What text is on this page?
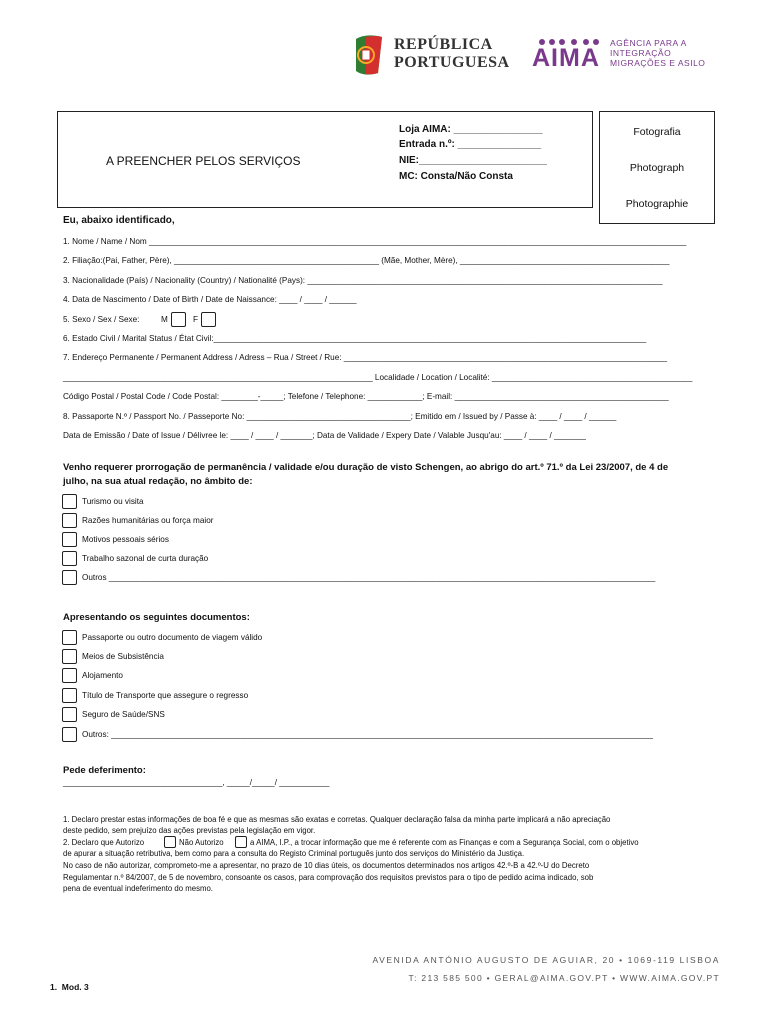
REPÚBLICA
PORTUGUESA AIMA
AGÊNCIA PARA A
INTEGRAÇÃO
MIGRAÇÕES E ASILO
A PREENCHER PELOS SERVIÇOS
Loja AIMA: ________________
Entrada n.º: _______________
NIE:_______________________
MC: Consta/Não Consta
Fotografia
Photograph
Photographie
Eu, abaixo identificado,
1. Nome / Name / Nom ______________________________________________________________________________________________________________________
2. Filiação:(Pai, Father, Père), _____________________________________________ (Mãe, Mother, Mère), ______________________________________________
3. Nacionalidade (País) / Nacionality (Country) / Nationalité (Pays): ______________________________________________________________________________
4. Data de Nascimento / Date of Birth / Date de Naissance: ____ / ____ / ______
5. Sexo / Sex / Sexe:	M	F
6. Estado Civil / Marital Status / État Civil:_______________________________________________________________________________________________
7. Endereço Permanente / Permanent Address / Adress – Rua / Street / Rue: _______________________________________________________________________
____________________________________________________________________ Localidade / Location / Localité: ____________________________________________
Código Postal / Postal Code / Code Postal: ________-_____; Telefone / Telephone: ____________; E-mail: _______________________________________________
8. Passaporte N.º / Passport No. / Passeporte No: ____________________________________; Emitido em / Issued by / Passe à: ____ / ____ / ______
Data de Emissão / Date of Issue / Délivree le: ____ / ____ / _______; Data de Validade / Expery Date / Valable Jusqu'au: ____ / ____ / _______
Venho requerer prorrogação de permanência / validade e/ou duração de visto Schengen, ao abrigo do art.º 71.º da Lei 23/2007, de 4 de
julho, na sua atual redação, no âmbito de:
Turismo ou visita
Razões humanitárias ou força maior
Motivos pessoais sérios
Trabalho sazonal de curta duração
Outros ________________________________________________________________________________________________________________________
Apresentando os seguintes documentos:
Passaporte ou outro documento de viagem válido
Meios de Subsistência
Alojamento
Título de Transporte que assegure o regresso
Seguro de Saúde/SNS
Outros: _______________________________________________________________________________________________________________________
Pede deferimento:
___________________________________, _____/_____/ ___________
1. Declaro prestar estas informações de boa fé e que as mesmas são exatas e corretas. Qualquer declaração falsa da minha parte implicará a não apreciação
deste pedido, sem prejuízo das ações previstas pela legislação em vigor.
2. Declaro que Autorizo	Não Autorizo	a AIMA, I.P., a trocar informação que me é referente com as Finanças e com a Segurança Social, com o objetivo
de apurar a situação retributiva, bem como para a consulta do Registo Criminal português junto dos serviços do Ministério da Justiça.
No caso de não autorizar, comprometo-me a apresentar, no prazo de 10 dias úteis, os documentos determinados nos artigos 42.º-B a 42.º-U do Decreto
Regulamentar n.º 84/2007, de 5 de novembro, consoante os casos, para comprovação dos requisitos previstos para o tipo de pedido acima indicado, sob
pena de eventual indeferimento do mesmo.
AVENIDA ANTÓNIO AUGUSTO DE AGUIAR, 20 • 1069-119 LISBOA
T: 213 585 500 • GERAL@AIMA.GOV.PT • WWW.AIMA.GOV.PT
1.  Mod. 3
